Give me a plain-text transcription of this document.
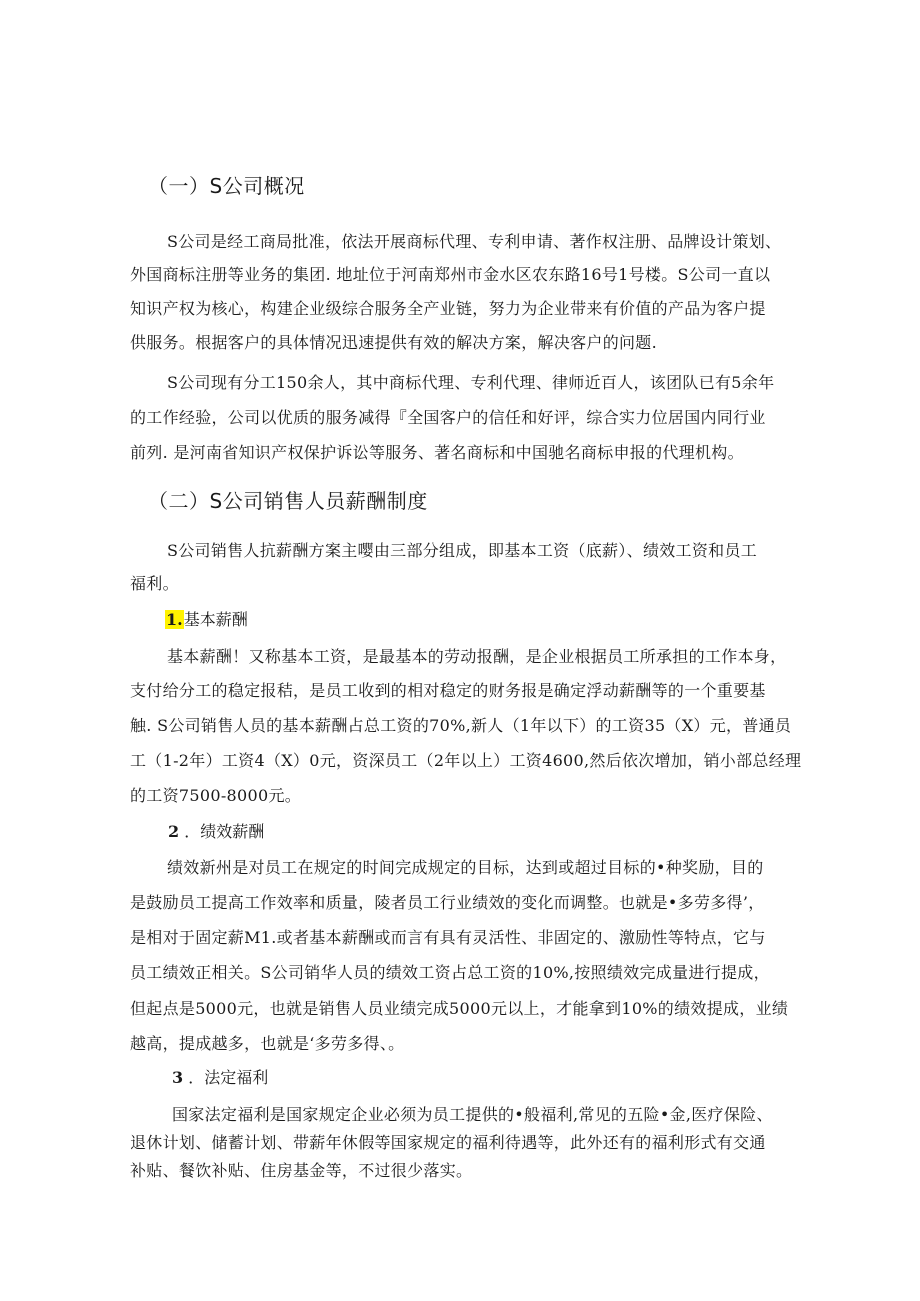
（一）S公司概况
S公司是经工商局批准，依法开展商标代理、专利申请、著作权注册、品牌设计策划、
外国商标注册等业务的集团. 地址位于河南郑州市金水区农东路16号1号楼。S公司一直以
知识产权为核心，构建企业级综合服务全产业链，努力为企业带来有价值的产品为客户提
供服务。根据客户的具体情况迅速提供有效的解决方案，解决客户的问题.
S公司现有分工150余人，其中商标代理、专利代理、律师近百人，该团队已有5余年
的工作经验，公司以优质的服务减得『全国客户的信任和好评，综合实力位居国内同行业
前列. 是河南省知识产权保护诉讼等服务、著名商标和中国驰名商标申报的代理机构。
（二）S公司销售人员薪酬制度
S公司销售人抗薪酬方案主嘤由三部分组成，即基本工资（底薪）、绩效工资和员工
福利。
1.基本薪酬
基本薪酬！又称基本工资，是最基本的劳动报酬，是企业根据员工所承担的工作本身，
支付给分工的稳定报秸，是员工收到的相对稳定的财务报是确定浮动薪酬等的一个重要基
触. S公司销售人员的基本薪酬占总工资的70%,新人（1年以下）的工资35（X）元，普通员
工（1-2年）工资4（X）0元，资深员工（2年以上）工资4600,然后依次增加，销小部总经理
的工资7500-8000元。
2 ．绩效薪酬
绩效新州是对员工在规定的时间完成规定的目标，达到或超过目标的•种奖励，目的
是鼓励员工提高工作效率和质量，陵者员工行业绩效的变化而调整。也就是•多劳多得’，
是相对于固定薪M1.或者基本薪酬或而言有具有灵活性、非固定的、激励性等特点，它与
员工绩效正相关。S公司销华人员的绩效工资占总工资的10%,按照绩效完成量进行提成，
但起点是5000元，也就是销售人员业绩完成5000元以上，才能拿到10%的绩效提成，业绩
越高，提成越多，也就是‘多劳多得、。
3 ．法定福利
国家法定福利是国家规定企业必须为员工提供的•般福利,常见的五险•金,医疗保险、
退休计划、储蓄计划、带薪年休假等国家规定的福利待遇等，此外还有的福利形式有交通
补贴、餐饮补贴、住房基金等，不过很少落实。
